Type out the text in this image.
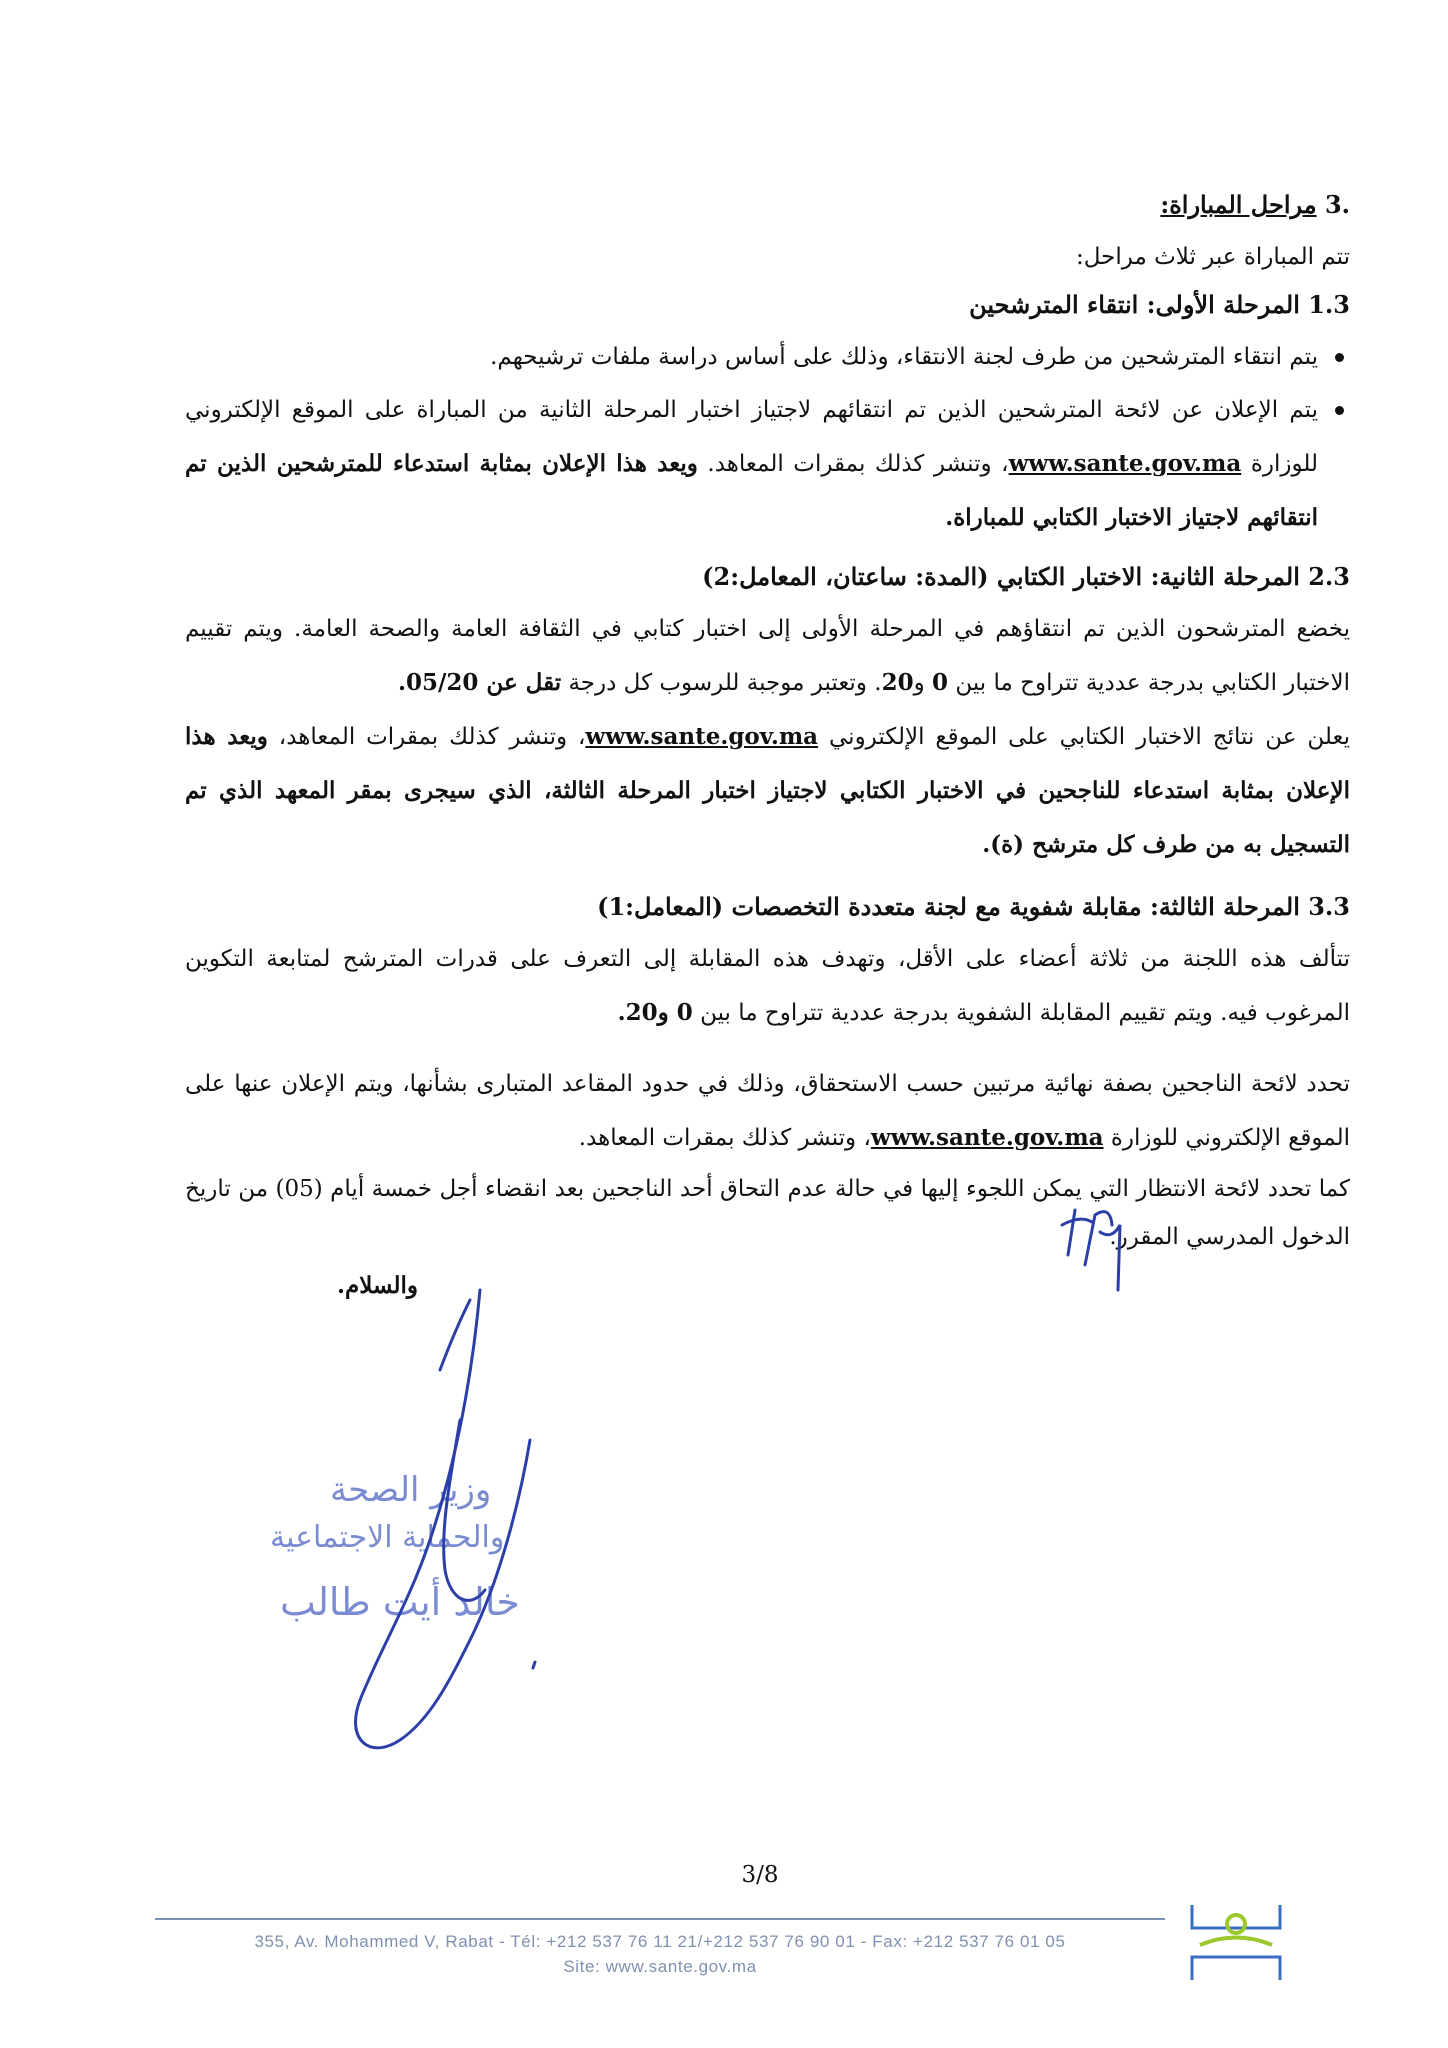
3. مراحل المباراة:
تتم المباراة عبر ثلاث مراحل:
1.3 المرحلة الأولى: انتقاء المترشحين
يتم انتقاء المترشحين من طرف لجنة الانتقاء، وذلك على أساس دراسة ملفات ترشيحهم.
يتم الإعلان عن لائحة المترشحين الذين تم انتقائهم لاجتياز اختبار المرحلة الثانية من المباراة على الموقع الإلكتروني للوزارة www.sante.gov.ma، وتنشر كذلك بمقرات المعاهد. ويعد هذا الإعلان بمثابة استدعاء للمترشحين الذين تم انتقائهم لاجتياز الاختبار الكتابي للمباراة.
2.3 المرحلة الثانية: الاختبار الكتابي (المدة: ساعتان، المعامل:2)
يخضع المترشحون الذين تم انتقاؤهم في المرحلة الأولى إلى اختبار كتابي في الثقافة العامة والصحة العامة. ويتم تقييم الاختبار الكتابي بدرجة عددية تتراوح ما بين 0 و20. وتعتبر موجبة للرسوب كل درجة تقل عن 05/20.
يعلن عن نتائج الاختبار الكتابي على الموقع الإلكتروني www.sante.gov.ma، وتنشر كذلك بمقرات المعاهد، ويعد هذا الإعلان بمثابة استدعاء للناجحين في الاختبار الكتابي لاجتياز اختبار المرحلة الثالثة، الذي سيجرى بمقر المعهد الذي تم التسجيل به من طرف كل مترشح (ة).
3.3 المرحلة الثالثة: مقابلة شفوية مع لجنة متعددة التخصصات (المعامل:1)
تتألف هذه اللجنة من ثلاثة أعضاء على الأقل، وتهدف هذه المقابلة إلى التعرف على قدرات المترشح لمتابعة التكوين المرغوب فيه. ويتم تقييم المقابلة الشفوية بدرجة عددية تتراوح ما بين 0 و20.
تحدد لائحة الناجحين بصفة نهائية مرتبين حسب الاستحقاق، وذلك في حدود المقاعد المتبارى بشأنها، ويتم الإعلان عنها على الموقع الإلكتروني للوزارة www.sante.gov.ma، وتنشر كذلك بمقرات المعاهد.
كما تحدد لائحة الانتظار التي يمكن اللجوء إليها في حالة عدم التحاق أحد الناجحين بعد انقضاء أجل خمسة أيام (05) من تاريخ الدخول المدرسي المقرر.
والسلام.
وزير الصحة
والحماية الاجتماعية
خالد أيت طالب
3/8
355, Av. Mohammed V, Rabat - Tél: +212 537 76 11 21/+212 537 76 90 01 - Fax: +212 537 76 01 05
Site: www.sante.gov.ma
